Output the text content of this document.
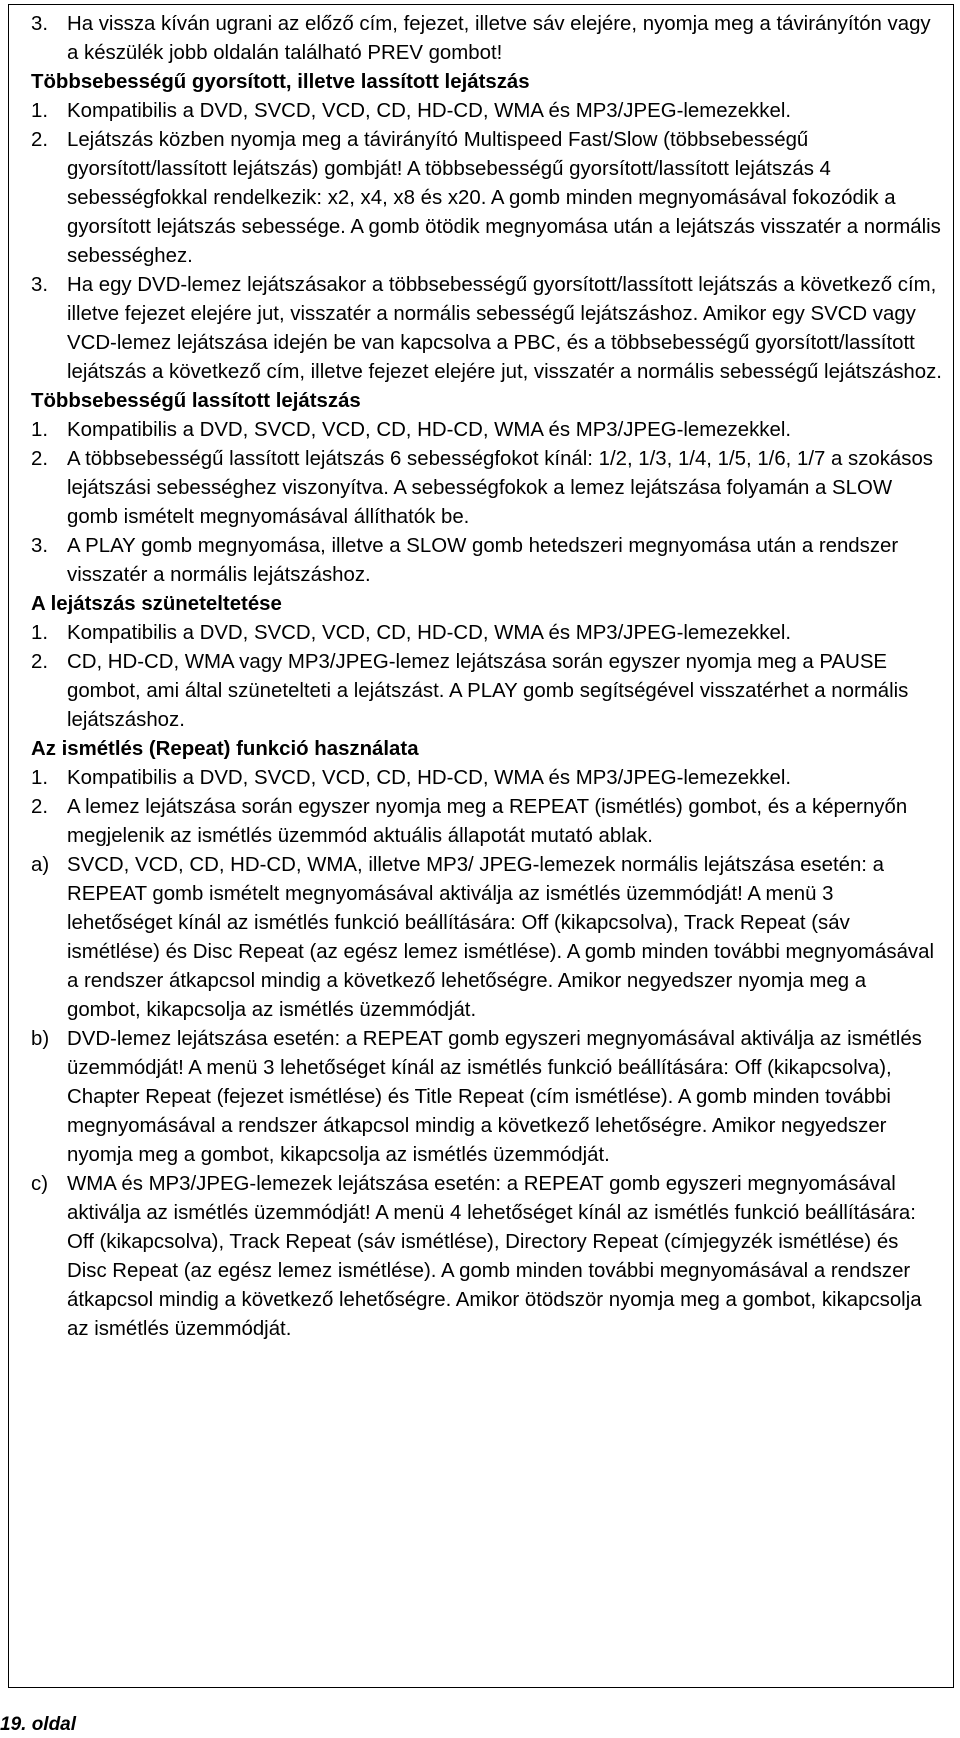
3. Ha vissza kíván ugrani az előző cím, fejezet, illetve sáv elejére, nyomja meg a távirányítón vagy a készülék jobb oldalán található PREV gombot!

Többsebességű gyorsított, illetve lassított lejátszás

1. Kompatibilis a DVD, SVCD, VCD, CD, HD-CD, WMA és MP3/JPEG-lemezekkel.
2. Lejátszás közben nyomja meg a távirányító Multispeed Fast/Slow (többsebességű gyorsított/lassított lejátszás) gombját! A többsebességű gyorsított/lassított lejátszás 4 sebességfokkal rendelkezik: x2, x4, x8 és x20. A gomb minden megnyomásával fokozódik a gyorsított lejátszás sebessége. A gomb ötödik megnyomása után a lejátszás visszatér a normális sebességhez.
3. Ha egy DVD-lemez lejátszásakor a többsebességű gyorsított/lassított lejátszás a következő cím, illetve fejezet elejére jut, visszatér a normális sebességű lejátszáshoz. Amikor egy SVCD vagy VCD-lemez lejátszása idején be van kapcsolva a PBC, és a többsebességű gyorsított/lassított lejátszás a következő cím, illetve fejezet elejére jut, visszatér a normális sebességű lejátszáshoz.

Többsebességű lassított lejátszás

1. Kompatibilis a DVD, SVCD, VCD, CD, HD-CD, WMA és MP3/JPEG-lemezekkel.
2. A többsebességű lassított lejátszás 6 sebességfokot kínál: 1/2, 1/3, 1/4, 1/5, 1/6, 1/7 a szokásos lejátszási sebességhez viszonyítva. A sebességfokok a lemez lejátszása folyamán a SLOW gomb ismételt megnyomásával állíthatók be.
3. A PLAY gomb megnyomása, illetve a SLOW gomb hetedszeri megnyomása után a rendszer visszatér a normális lejátszáshoz.

A lejátszás szüneteltetése

1. Kompatibilis a DVD, SVCD, VCD, CD, HD-CD, WMA és MP3/JPEG-lemezekkel.
2. CD, HD-CD, WMA vagy MP3/JPEG-lemez lejátszása során egyszer nyomja meg a PAUSE gombot, ami által szünetelteti a lejátszást. A PLAY gomb segítségével visszatérhet a normális lejátszáshoz.

Az ismétlés (Repeat) funkció használata

1. Kompatibilis a DVD, SVCD, VCD, CD, HD-CD, WMA és MP3/JPEG-lemezekkel.
2. A lemez lejátszása során egyszer nyomja meg a REPEAT (ismétlés) gombot, és a képernyőn megjelenik az ismétlés üzemmód aktuális állapotát mutató ablak.
a) SVCD, VCD, CD, HD-CD, WMA, illetve MP3/ JPEG-lemezek normális lejátszása esetén: a REPEAT gomb ismételt megnyomásával aktiválja az ismétlés üzemmódját! A menü 3 lehetőséget kínál az ismétlés funkció beállítására: Off (kikapcsolva), Track Repeat (sáv ismétlése) és Disc Repeat (az egész lemez ismétlése). A gomb minden további megnyomásával a rendszer átkapcsol mindig a következő lehetőségre. Amikor negyedszer nyomja meg a gombot, kikapcsolja az ismétlés üzemmódját.
b) DVD-lemez lejátszása esetén: a REPEAT gomb egyszeri megnyomásával aktiválja az ismétlés üzemmódját! A menü 3 lehetőséget kínál az ismétlés funkció beállítására: Off (kikapcsolva), Chapter Repeat (fejezet ismétlése) és Title Repeat (cím ismétlése). A gomb minden további megnyomásával a rendszer átkapcsol mindig a következő lehetőségre. Amikor negyedszer nyomja meg a gombot, kikapcsolja az ismétlés üzemmódját.
c) WMA és MP3/JPEG-lemezek lejátszása esetén: a REPEAT gomb egyszeri megnyomásával aktiválja az ismétlés üzemmódját! A menü 4 lehetőséget kínál az ismétlés funkció beállítására: Off (kikapcsolva), Track Repeat (sáv ismétlése), Directory Repeat (címjegyzék ismétlése) és Disc Repeat (az egész lemez ismétlése). A gomb minden további megnyomásával a rendszer átkapcsol mindig a következő lehetőségre. Amikor ötödször nyomja meg a gombot, kikapcsolja az ismétlés üzemmódját.
19. oldal
